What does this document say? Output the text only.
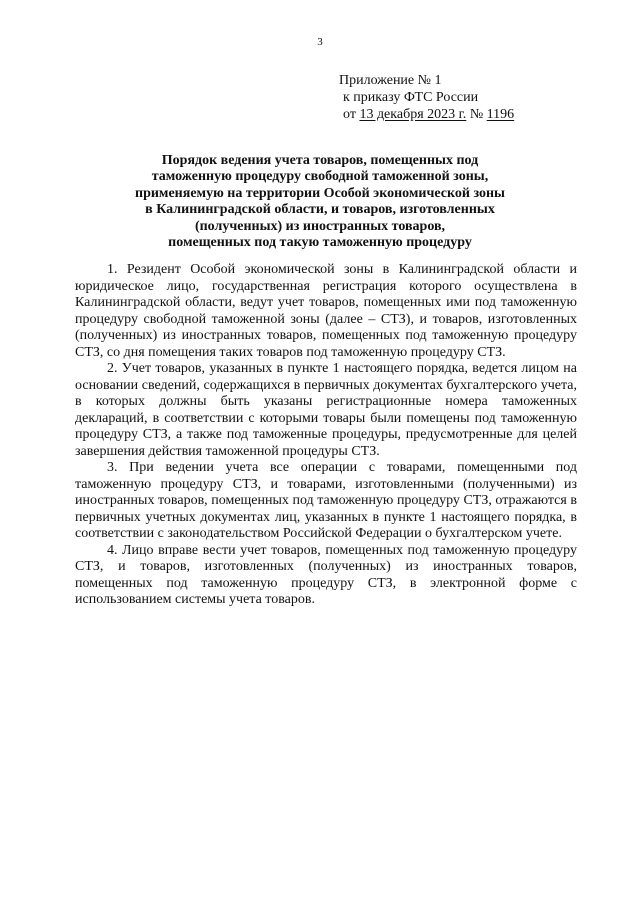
3
Приложение № 1
к приказу ФТС России
от 13 декабря 2023 г. № 1196
Порядок ведения учета товаров, помещенных под
таможенную процедуру свободной таможенной зоны,
применяемую на территории Особой экономической зоны
в Калининградской области, и товаров, изготовленных
(полученных) из иностранных товаров,
помещенных под такую таможенную процедуру

1. Резидент Особой экономической зоны в Калининградской области и юридическое лицо, государственная регистрация которого осуществлена в Калининградской области, ведут учет товаров, помещенных ими под таможенную процедуру свободной таможенной зоны (далее – СТЗ), и товаров, изготовленных (полученных) из иностранных товаров, помещенных под таможенную процедуру СТЗ, со дня помещения таких товаров под таможенную процедуру СТЗ.

2. Учет товаров, указанных в пункте 1 настоящего порядка, ведется лицом на основании сведений, содержащихся в первичных документах бухгалтерского учета, в которых должны быть указаны регистрационные номера таможенных деклараций, в соответствии с которыми товары были помещены под таможенную процедуру СТЗ, а также под таможенные процедуры, предусмотренные для целей завершения действия таможенной процедуры СТЗ.

3. При ведении учета все операции с товарами, помещенными под таможенную процедуру СТЗ, и товарами, изготовленными (полученными) из иностранных товаров, помещенных под таможенную процедуру СТЗ, отражаются в первичных учетных документах лиц, указанных в пункте 1 настоящего порядка, в соответствии с законодательством Российской Федерации о бухгалтерском учете.

4. Лицо вправе вести учет товаров, помещенных под таможенную процедуру СТЗ, и товаров, изготовленных (полученных) из иностранных товаров, помещенных под таможенную процедуру СТЗ, в электронной форме с использованием системы учета товаров.
